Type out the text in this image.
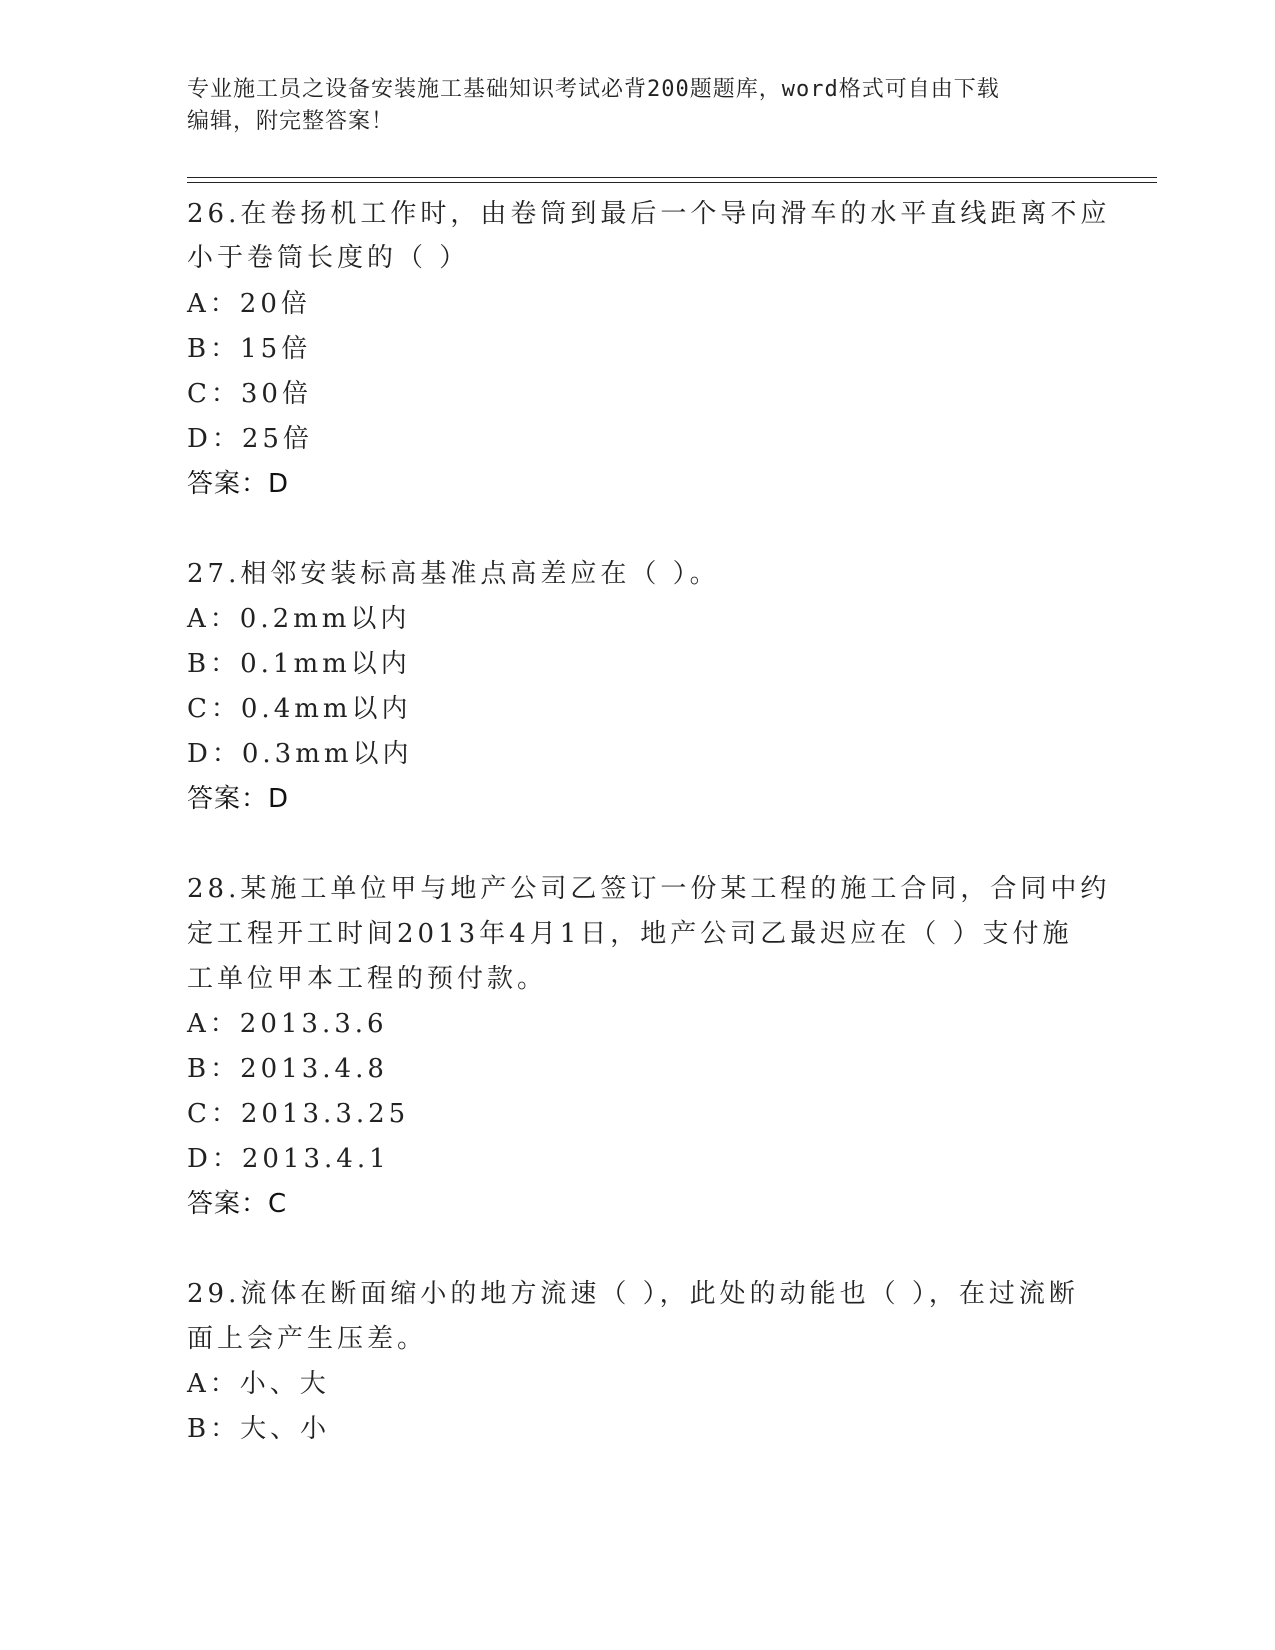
专业施工员之设备安装施工基础知识考试必背200题题库，word格式可自由下载
编辑，附完整答案！
26.在卷扬机工作时，由卷筒到最后一个导向滑车的水平直线距离不应
小于卷筒长度的（ ）
A：20倍
B：15倍
C：30倍
D：25倍
答案：D
27.相邻安装标高基准点高差应在（ ）。
A：0.2mm以内
B：0.1mm以内
C：0.4mm以内
D：0.3mm以内
答案：D
28.某施工单位甲与地产公司乙签订一份某工程的施工合同，合同中约
定工程开工时间2013年4月1日，地产公司乙最迟应在（ ）支付施
工单位甲本工程的预付款。
A：2013.3.6
B：2013.4.8
C：2013.3.25
D：2013.4.1
答案：C
29.流体在断面缩小的地方流速（ ），此处的动能也（ ），在过流断
面上会产生压差。
A：小、大
B：大、小
